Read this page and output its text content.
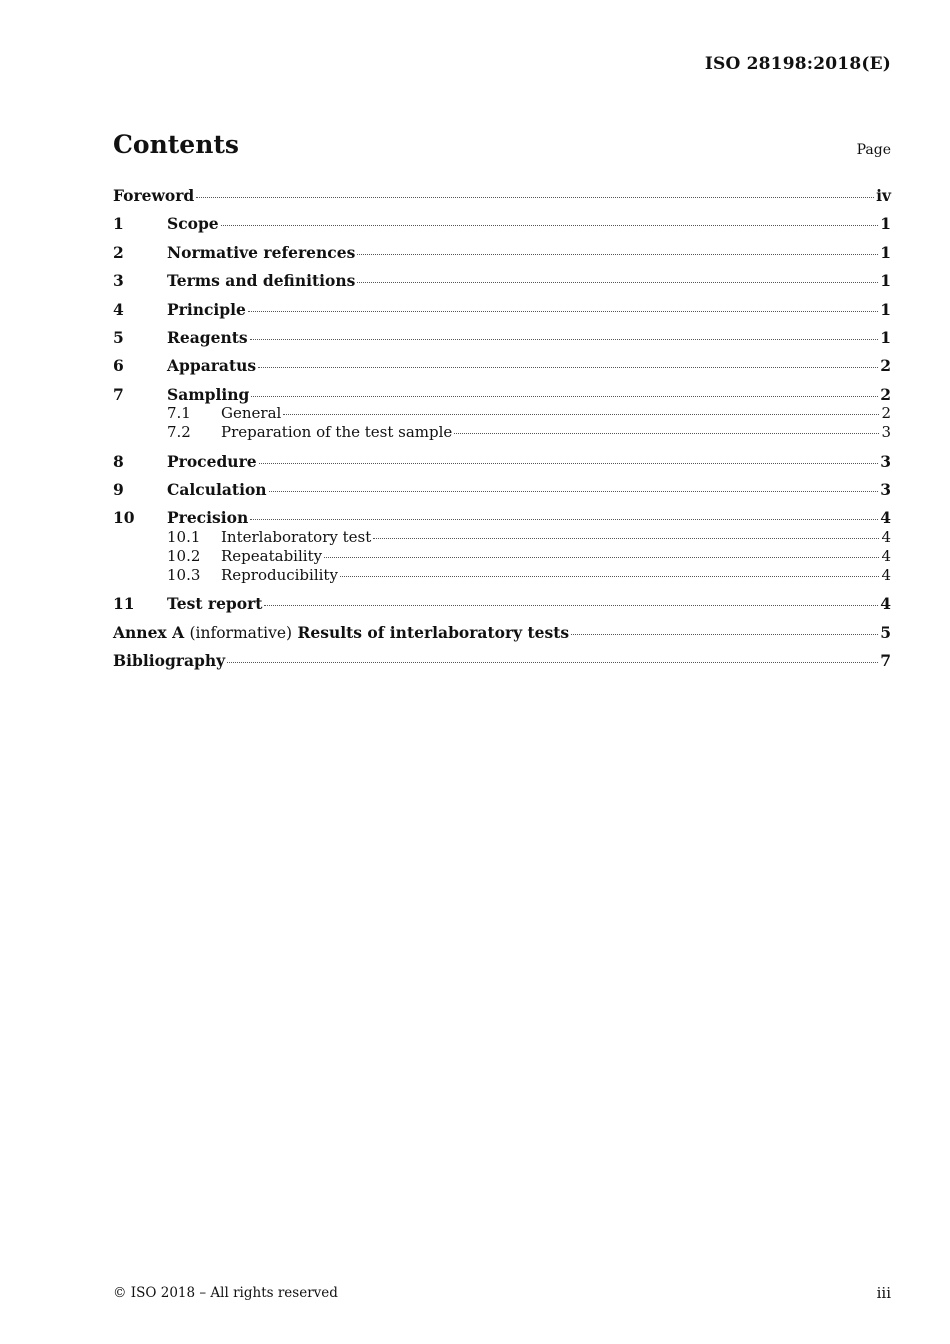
ISO 28198:2018(E)
Contents	Page
Foreword	iv
1	Scope	1
2	Normative references	1
3	Terms and definitions	1
4	Principle	1
5	Reagents	1
6	Apparatus	2
7	Sampling	2
7.1	General	2
7.2	Preparation of the test sample	3
8	Procedure	3
9	Calculation	3
10	Precision	4
10.1	Interlaboratory test	4
10.2	Repeatability	4
10.3	Reproducibility	4
11	Test report	4
Annex A (informative) Results of interlaboratory tests	5
Bibliography	7
© ISO 2018 – All rights reserved	iii
